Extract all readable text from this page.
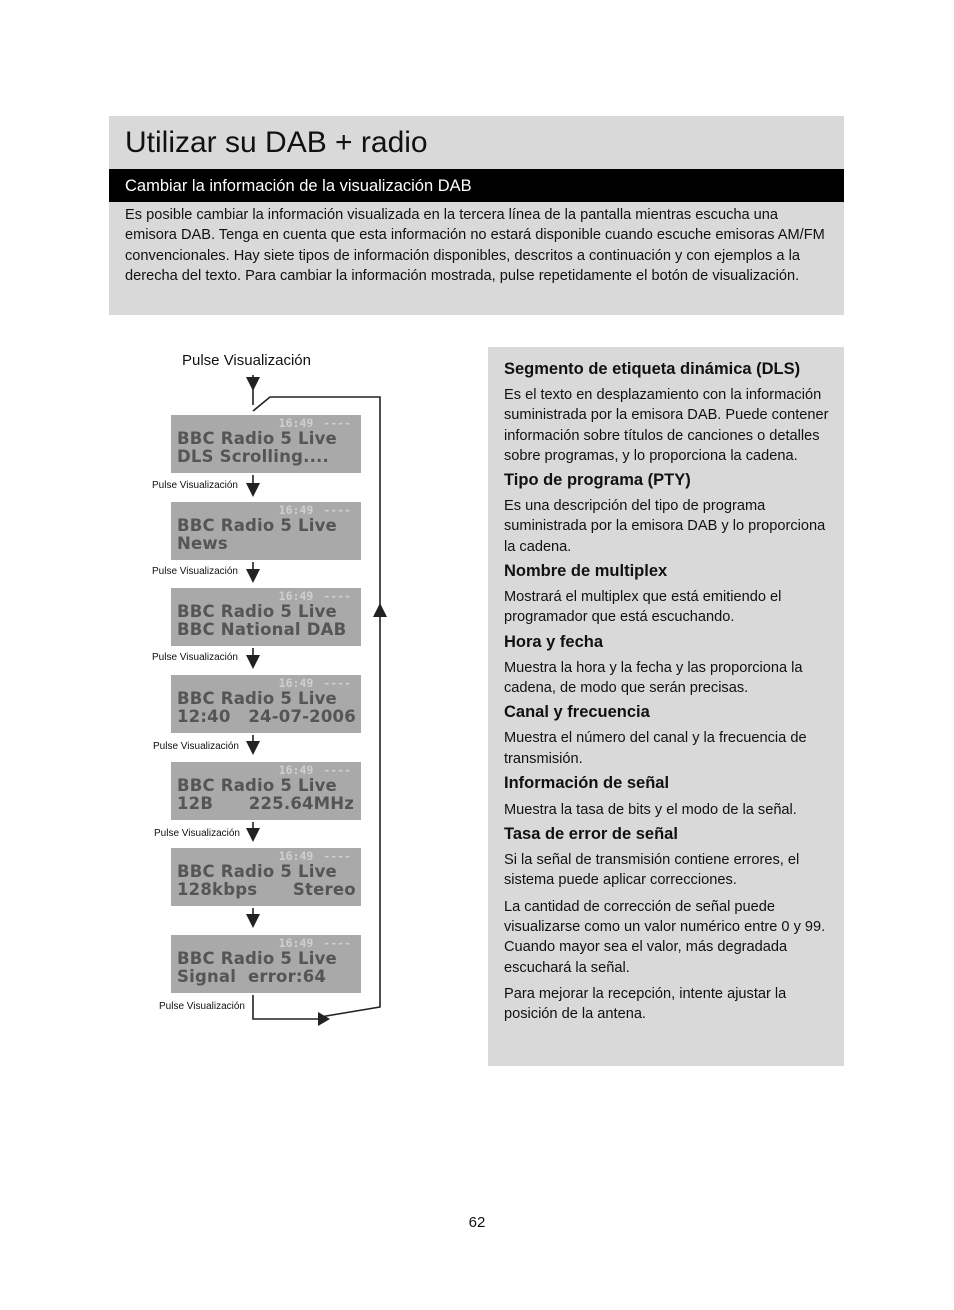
Utilizar su DAB + radio
Cambiar la información de la visualización DAB

Es posible cambiar la información visualizada en la tercera línea de la pantalla mientras escucha una emisora DAB. Tenga en cuenta que esta información no estará disponible cuando escuche emisoras AM/FM convencionales. Hay siete tipos de información disponibles, descritos a continuación y con ejemplos a la derecha del texto. Para cambiar la información mostrada, pulse repetidamente el botón de visualización.

Pulse Visualización
Pulse Visualización
Pulse Visualización
Pulse Visualización
Pulse Visualización
Pulse Visualización
Pulse Visualización
16:49 ----
BBC Radio 5 Live
DLS Scrolling....
16:49 ----
BBC Radio 5 Live
News
16:49 ----
BBC Radio 5 Live
BBC National DAB
16:49 ----
BBC Radio 5 Live
12:40   24-07-2006
16:49 ----
BBC Radio 5 Live
12B      225.64MHz
16:49 ----
BBC Radio 5 Live
128kbps      Stereo
16:49 ----
BBC Radio 5 Live
Signal  error:64
Segmento de etiqueta dinámica (DLS)

Es el texto en desplazamiento con la información suministrada por la emisora DAB. Puede contener información sobre títulos de canciones o detalles sobre programas, y lo proporciona la cadena.

Tipo de programa (PTY)

Es una descripción del tipo de programa suministrada por la emisora DAB y lo proporciona la cadena.

Nombre de multiplex

Mostrará el multiplex que está emitiendo el programador que está escuchando.

Hora y fecha

Muestra la hora y la fecha y las proporciona la cadena, de modo que serán precisas.

Canal y frecuencia

Muestra el número del canal y la frecuencia de transmisión.

Información de señal

Muestra la tasa de bits y el modo de la señal.

Tasa de error de señal

Si la señal de transmisión contiene errores, el sistema puede aplicar correcciones.

La cantidad de corrección de señal puede visualizarse como un valor numérico entre 0 y 99. Cuando mayor sea el valor, más degradada escuchará la señal.

Para mejorar la recepción, intente ajustar la posición de la antena.

62
